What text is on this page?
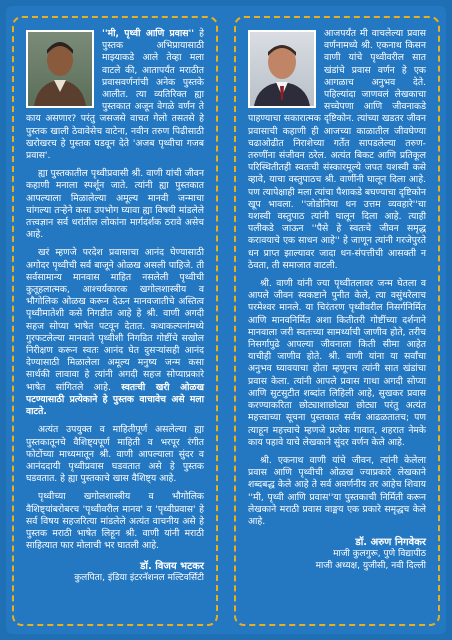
''मी, पृथ्वी आणि प्रवास'' हे पुस्तक अभिप्रायासाठी माझ्याकडे आले तेव्हा मला वाटले की, आतापर्यंत मराठीत प्रवासवर्णनांची अनेक पुस्तके आलीत. त्या व्यतिरिक्त ह्या पुस्तकात अजून वेगळे वर्णन ते काय असणार? परंतु जसजसे वाचत गेलो तसतसे हे पुस्तक खाली ठेवावेसेच वाटेना, नवीन तरुण पिढीसाठी खरोखरच हे पुस्तक घडवून देते 'अजब पृथ्वीचा गजब प्रवास'.

ह्या पुस्तकातील पृथ्वीप्रवासी श्री. वाणी यांची जीवन कहाणी मनाला स्पर्शून जाते. त्यांनी ह्या पुस्तकात आपल्याला मिळालेल्या अमूल्य मानवी जन्माचा चांगल्या तऱ्हेने कसा उपभोग घ्यावा ह्या विषयी मांडलेले तत्त्वज्ञान सर्व धरांतील लोकांना मार्गदर्शक ठरावे असेच आहे.

खरं म्हणजे परदेश प्रवासाचा आनंद घेण्यासाठी अगोदर पृथ्वीची सर्व बाजूने ओळख असली पाहिजे. ती सर्वसामान्य मानवास माहित नसलेली पृथ्वीची कुतूहलात्मक, आश्चर्यकारक खगोलशास्त्रीय व भौगोलिक ओळख करून देऊन मानवजातीचे अस्तित्व पृथ्वीमातेशी कसे निगडीत आहे हे श्री. वाणी अगदी सहज सोप्या भाषेत पटवून देतात. कथाकल्पनांमध्ये गुरफटलेल्या मानवाने पृथ्वीशी निगडित गोष्टींचे सखोल निरीक्षण करून स्वतः आनंद घेत दुसऱ्यांसही आनंद देण्यासाठी मिळालेला अमूल्य मनुष्य जन्म कसा सार्थकी लावावा हे त्यांनी अगदी सहज सोप्याप्रकारे भाषेत सांगितले आहे. स्वतःची खरी ओळख पटण्यासाठी प्रत्येकाने हे पुस्तक वाचावेच असे मला वाटते.

अत्यंत उपयुक्त व माहितीपूर्ण असलेल्या ह्या पुस्तकातूनचे वैशिष्ट्यपूर्ण माहिती व भरपूर रंगीत फोटोंच्या माध्यमातून श्री. वाणी आपल्याला सुंदर व आनंददायी पृथ्वीप्रवास घडवतात असे हे पुस्तक घडवतात. हे ह्या पुस्तकाचे खास वैशिष्ट्य आहे.

पृथ्वीच्या खगोलशास्त्रीय व भौगोलिक वैशिष्ट्यांबरोबरच 'पृथ्वीवरील मानव' व 'पृथ्वीप्रवास' हे सर्व विषय सहजरित्या मांडलेले अत्यंत वाचनीय असे हे पुस्तक मराठी भाषेत लिहून श्री. वाणी यांनी मराठी साहित्यात फार मोलाची भर घातली आहे.

डॉ. विजय भटकर
कुलपिता, इंडिया इंटरनॅशनल मल्टिवर्सिटी

आजपर्यंत मी वाचलेल्या प्रवास वर्णनामध्ये श्री. एकनाथ किसन वाणी यांचे पृथ्वीवरील सात खंडांचे प्रवास वर्णन हे एक आगळाच अनुभव देते. पहिल्यांदा जाणवलं लेखकाचा सच्चेपणा आणि जीवनाकडे पाहण्याचा सकारात्मक दृष्टिकोन. त्यांच्या खडतर जीवन प्रवासाची कहाणी ही आजच्या काळातील जीवघेण्या चढाओढीत निराशेच्या गर्तेत सापडलेल्या तरुण-तरुणींना संजीवन ठरेल. अत्यंत बिकट आणि प्रतिकूल परिस्थितीतही स्वतःची संस्कारमूल्ये जपत यशस्वी कसे व्हावे, याचा वस्तुपाठच श्री. वाणींनी घालून दिला आहे. पण त्यापेक्षाही मला त्यांचा पैशाकडे बघण्याचा दृष्टिकोन खूप भावला. ''जोडोनिया धन उत्तम व्यवहारे''चा यशस्वी वस्तुपाठ त्यांनी घालून दिला आहे. त्याही पलीकडे जाऊन ''पैसे हे स्वतःचे जीवन समृद्ध करावयाचे एक साधन आहे'' हे जाणून त्यांनी गरजेपुरते धन प्राप्त झाल्यावर जादा धन-संपत्तीची आसक्ती न ठेवता, ती समाजात वाटली.

श्री. वाणी यांनी ज्या पृथ्वीतलावर जन्म घेतला व आपले जीवन स्वकष्टाने पुनीत केले, त्या वसुंधरेलाच परमेश्वर मानले. या चिरंतरण पृथ्वीवरील निसर्गनिर्मित आणि मानवनिर्मित अशा कितीतरी गोष्टींच्या दर्शनाने मानवाला जरी स्वतःच्या सामर्थ्याची जाणीव होते, तरीच निसर्गापुढे आपल्या जीवनाला किती सीमा आहेत याचीही जाणीव होते. श्री. वाणी यांना या सर्वांचा अनुभव घ्यावयाचा होता म्हणूनच त्यांनी सात खंडांचा प्रवास केला. त्यांनी आपले प्रवास गाथा अगदी सोप्या आणि सुटसुटीत शब्दांत लिहिली आहे, सुखकर प्रवास करण्याकरिता छोट्याशाछोट्या छोट्या परंतु अत्यंत महत्त्वाच्या सूचना पुस्तकात सर्वत्र आढळतातच; पण त्याहून महत्त्वाचे म्हणजे प्रत्येक गावात, शहरात नेमके काय पहावे याचेे लेखकाने सुंदर वर्णन केले आहे.

श्री. एकनाथ वाणी यांचे जीवन, त्यांनी केलेला प्रवास आणि पृथ्वीची ओळख ज्याप्रकारे लेखकाने शब्दबद्ध केले आहे ते सर्व अवर्णनीय तर आहेच शिवाय ''मी, पृथ्वी आणि प्रवास''या पुस्तकाची निर्मिती करून लेखकाने मराठी प्रवास वाङ्मय एक प्रकारे समृद्धच केले आहे.

डॉ. अरुण निगवेकर
माजी कुलगुरू, पुणे विद्यापीठ
माजी अध्यक्ष, युजीसी, नवी दिल्ली
